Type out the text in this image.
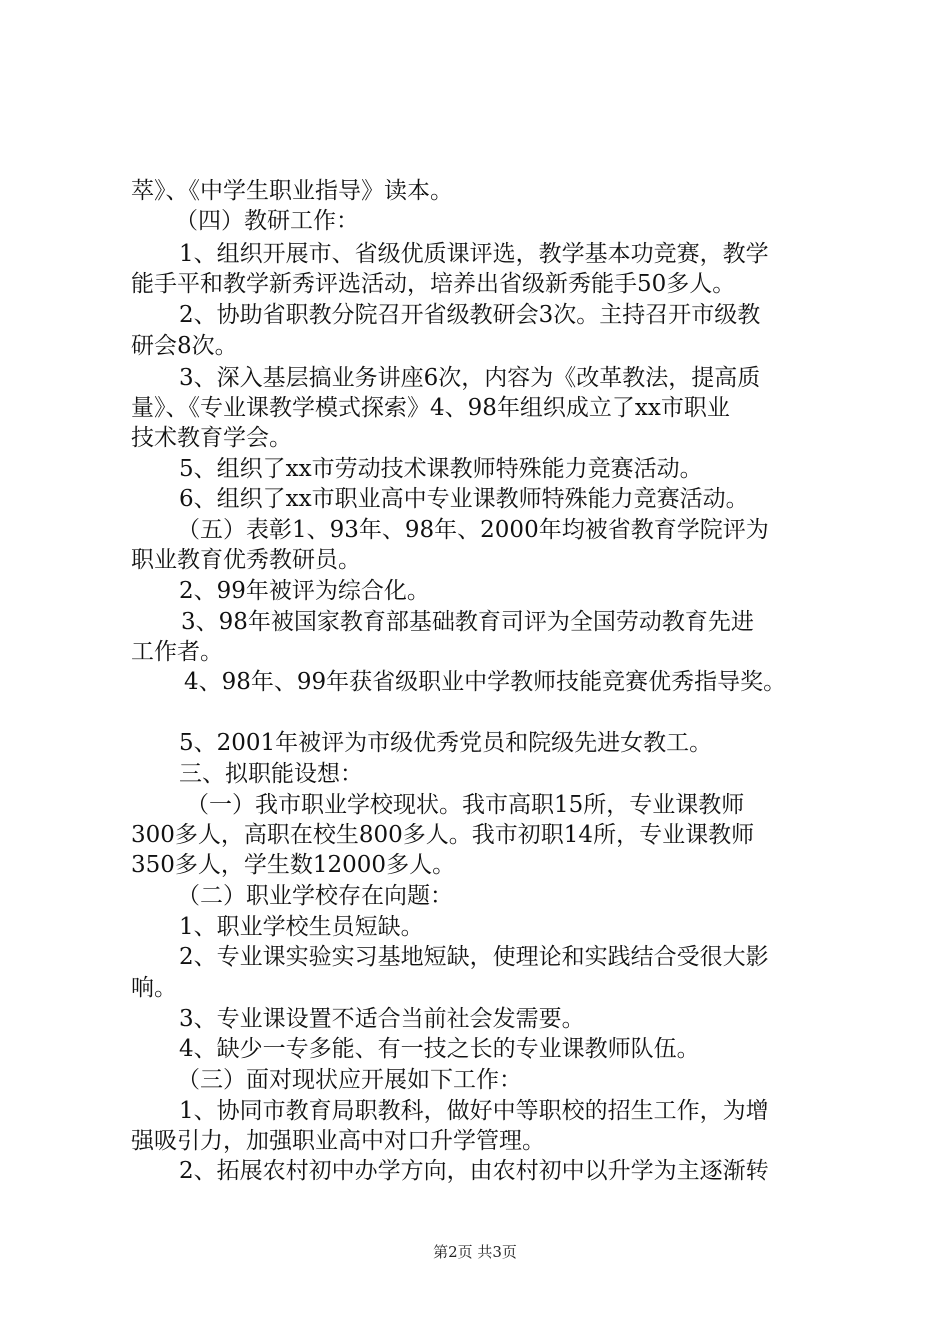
萃》、《中学生职业指导》读本。
（四）教研工作：
1、组织开展市、省级优质课评选，教学基本功竞赛，教学
能手平和教学新秀评选活动，培养出省级新秀能手50多人。
2、协助省职教分院召开省级教研会3次。主持召开市级教
研会8次。
3、深入基层搞业务讲座6次，内容为《改革教法，提高质
量》、《专业课教学模式探索》4、98年组织成立了xx市职业
技术教育学会。
5、组织了xx市劳动技术课教师特殊能力竞赛活动。
6、组织了xx市职业高中专业课教师特殊能力竞赛活动。
（五）表彰1、93年、98年、2000年均被省教育学院评为
职业教育优秀教研员。
2、99年被评为综合化。
3、98年被国家教育部基础教育司评为全国劳动教育先进
工作者。
4、98年、99年获省级职业中学教师技能竞赛优秀指导奖。
5、2001年被评为市级优秀党员和院级先进女教工。
三、拟职能设想：
（一）我市职业学校现状。我市高职15所，专业课教师
300多人，高职在校生800多人。我市初职14所，专业课教师
350多人，学生数12000多人。
（二）职业学校存在向题：
1、职业学校生员短缺。
2、专业课实验实习基地短缺，使理论和实践结合受很大影
响。
3、专业课设置不适合当前社会发需要。
4、缺少一专多能、有一技之长的专业课教师队伍。
（三）面对现状应开展如下工作：
1、协同市教育局职教科，做好中等职校的招生工作，为增
强吸引力，加强职业高中对口升学管理。
2、拓展农村初中办学方向，由农村初中以升学为主逐渐转
第2页 共3页
